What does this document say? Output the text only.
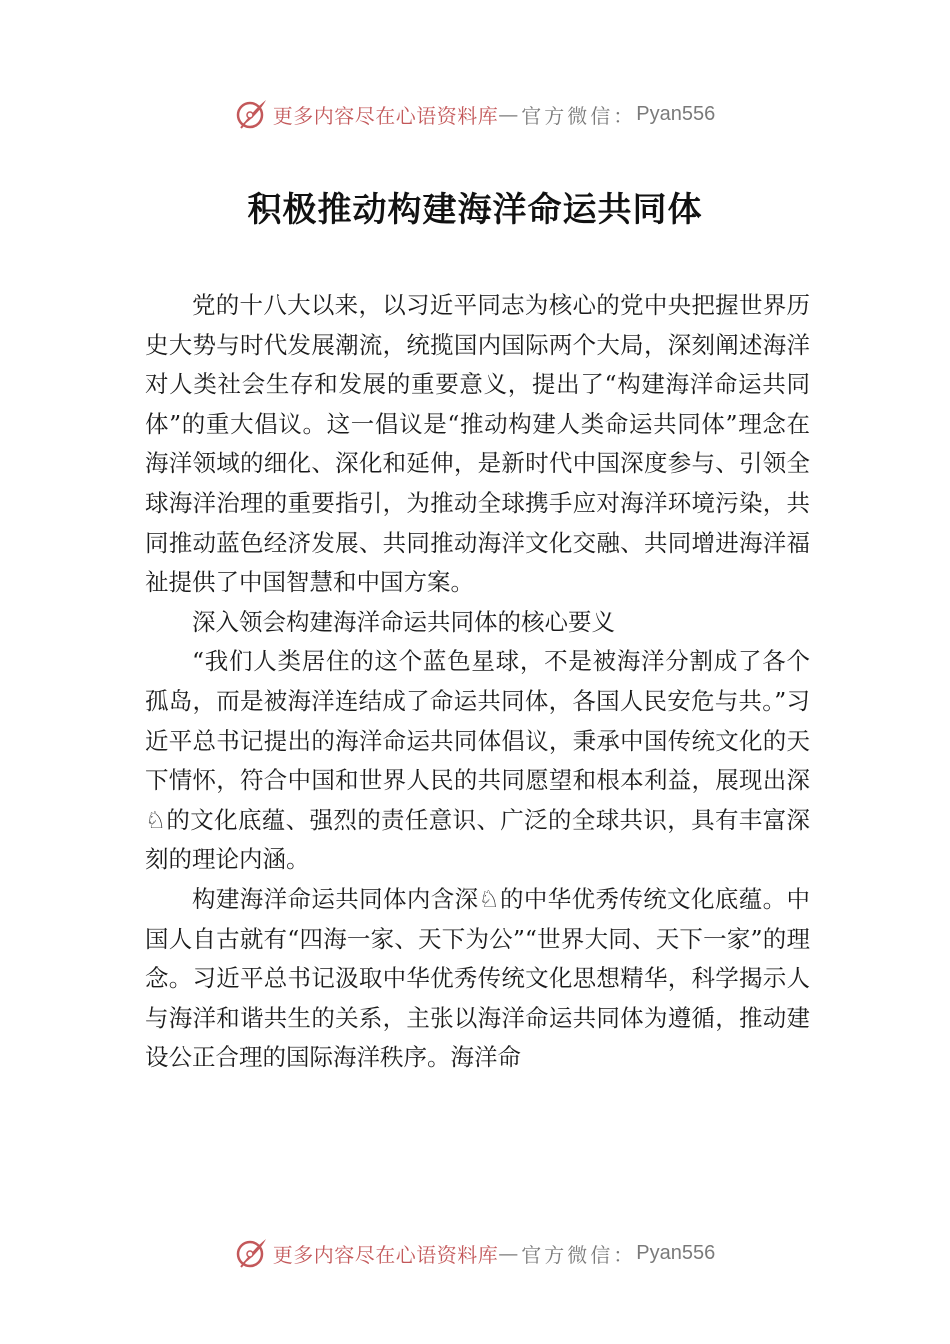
更多内容尽在心语资料库 — 官方微信： Pyan556
积极推动构建海洋命运共同体

党的十八大以来，以习近平同志为核心的党中央把握世界历史大势与时代发展潮流，统揽国内国际两个大局，深刻阐述海洋对人类社会生存和发展的重要意义，提出了“构建海洋命运共同体”的重大倡议。这一倡议是“推动构建人类命运共同体”理念在海洋领域的细化、深化和延伸，是新时代中国深度参与、引领全球海洋治理的重要指引，为推动全球携手应对海洋环境污染，共同推动蓝色经济发展、共同推动海洋文化交融、共同增进海洋福祉提供了中国智慧和中国方案。

深入领会构建海洋命运共同体的核心要义

“我们人类居住的这个蓝色星球，不是被海洋分割成了各个孤岛，而是被海洋连结成了命运共同体，各国人民安危与共。”习近平总书记提出的海洋命运共同体倡议，秉承中国传统文化的天下情怀，符合中国和世界人民的共同愿望和根本利益，展现出深♘的文化底蕴、强烈的责任意识、广泛的全球共识，具有丰富深刻的理论内涵。

构建海洋命运共同体内含深♘的中华优秀传统文化底蕴。中国人自古就有“四海一家、天下为公”“世界大同、天下一家”的理念。习近平总书记汲取中华优秀传统文化思想精华，科学揭示人与海洋和谐共生的关系，主张以海洋命运共同体为遵循，推动建设公正合理的国际海洋秩序。海洋命

更多内容尽在心语资料库 — 官方微信： Pyan556
